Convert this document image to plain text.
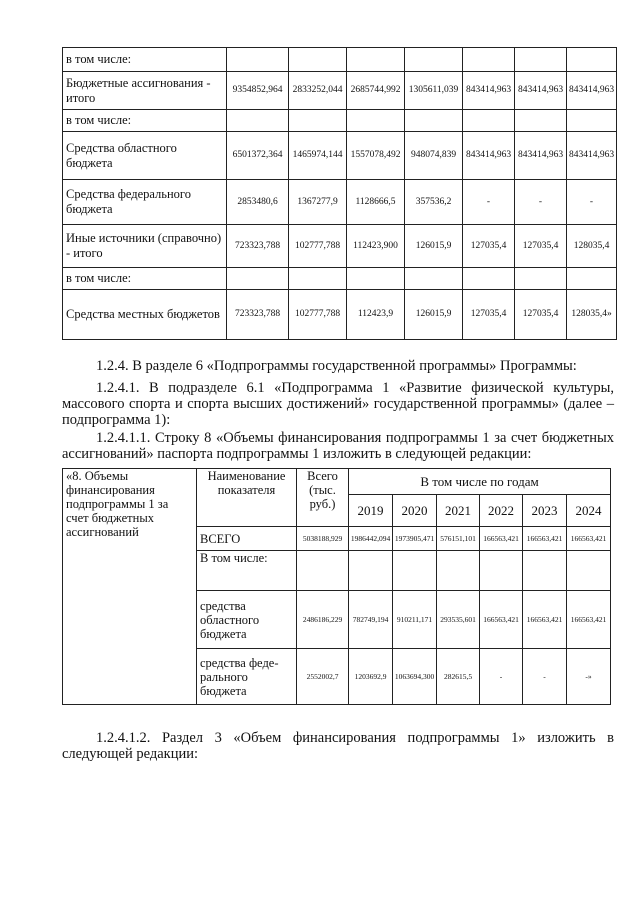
в том числе:							
Бюджетные ассигнования - итого	9354852,964	2833252,044	2685744,992	1305611,039	843414,963	843414,963	843414,963
в том числе:							
Средства областного бюджета	6501372,364	1465974,144	1557078,492	948074,839	843414,963	843414,963	843414,963
Средства федерального бюджета	2853480,6	1367277,9	1128666,5	357536,2	-	-	-
Иные источники (справочно) - итого	723323,788	102777,788	112423,900	126015,9	127035,4	127035,4	128035,4
в том числе:							
Средства местных бюджетов	723323,788	102777,788	112423,9	126015,9	127035,4	127035,4	128035,4»

1.2.4. В разделе 6 «Подпрограммы государственной программы» Программы:

1.2.4.1. В подразделе 6.1 «Подпрограмма 1 «Развитие физической культуры, массового спорта и спорта высших достижений» государственной программы» (далее – подпрограмма 1):

1.2.4.1.1. Строку 8 «Объемы финансирования подпрограммы 1 за счет бюджетных ассигнований» паспорта подпрограммы 1 изложить в следующей редакции:

«8. Объемы финансирования подпрограммы 1 за счет бюджетных ассигнований	Наименование показателя	Всего (тыс. руб.)	В том числе по годам					
			2019	2020	2021	2022	2023	2024
	ВСЕГО	5038188,929	1986442,094	1973905,471	576151,101	166563,421	166563,421	166563,421
	В том числе:							
	средства областного бюджета	2486186,229	782749,194	910211,171	293535,601	166563,421	166563,421	166563,421
	средства феде-рального бюджета	2552002,7	1203692,9	1063694,300	282615,5	-	-	-»

1.2.4.1.2. Раздел 3 «Объем финансирования подпрограммы 1» изложить в следующей редакции:
